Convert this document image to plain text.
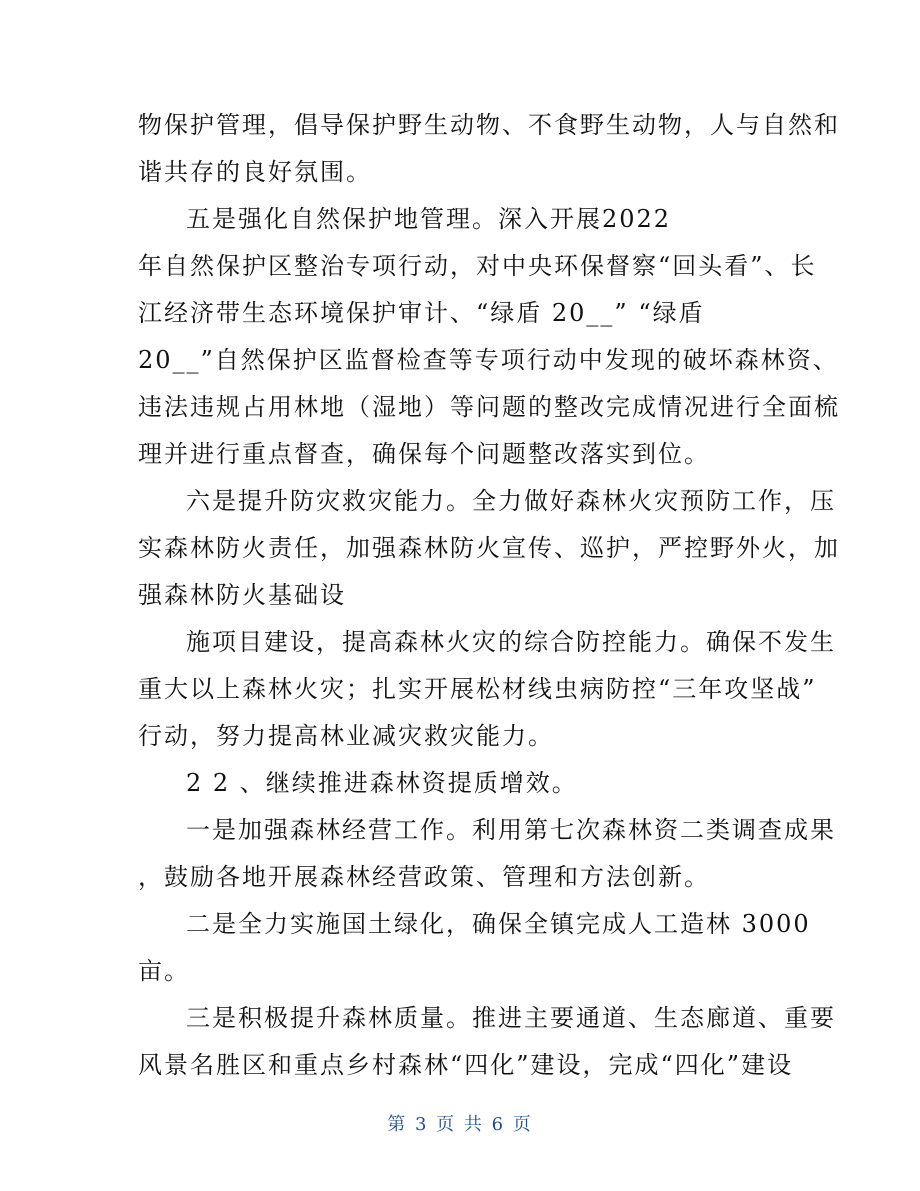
物保护管理，倡导保护野生动物、不食野生动物，人与自然和
谐共存的良好氛围。
五是强化自然保护地管理。深入开展2022
年自然保护区整治专项行动，对中央环保督察“回头看”、长
江经济带生态环境保护审计、“绿盾 20__” “绿盾
20__”自然保护区监督检查等专项行动中发现的破坏森林资、
违法违规占用林地（湿地）等问题的整改完成情况进行全面梳
理并进行重点督查，确保每个问题整改落实到位。
六是提升防灾救灾能力。全力做好森林火灾预防工作，压
实森林防火责任，加强森林防火宣传、巡护，严控野外火，加
强森林防火基础设
施项目建设，提高森林火灾的综合防控能力。确保不发生
重大以上森林火灾；扎实开展松材线虫病防控“三年攻坚战”
行动，努力提高林业减灾救灾能力。
2 2 、继续推进森林资提质增效。
一是加强森林经营工作。利用第七次森林资二类调查成果
，鼓励各地开展森林经营政策、管理和方法创新。
二是全力实施国土绿化，确保全镇完成人工造林 3000
亩。
三是积极提升森林质量。推进主要通道、生态廊道、重要
风景名胜区和重点乡村森林“四化”建设，完成“四化”建设
第 3 页 共 6 页
